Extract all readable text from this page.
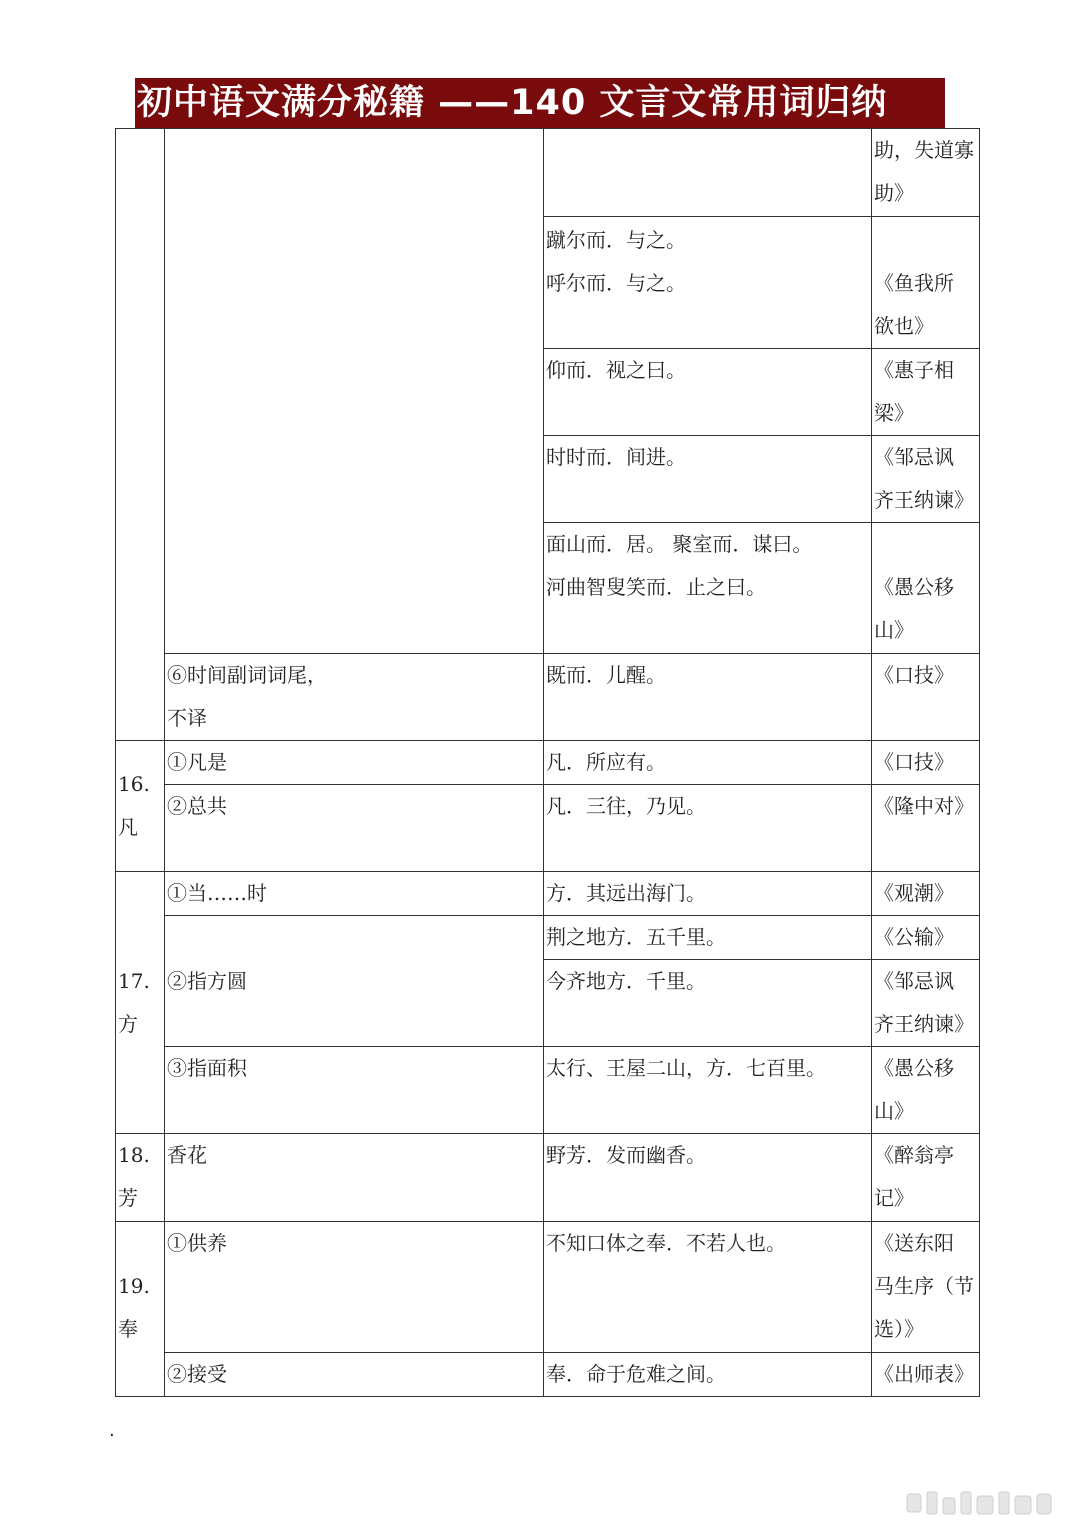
初中语文满分秘籍 ——140 文言文常用词归纳

			助，失道寡
助》

		蹴尔而．与之。
呼尔而．与之。	《鱼我所
欲也》

		仰而．视之曰。	《惠子相
梁》

		时时而．间进。	《邹忌讽
齐王纳谏》

		面山而．居。 聚室而．谋曰。
河曲智叟笑而．止之曰。	《愚公移
山》

	⑥时间副词词尾，
不译	既而．儿醒。	《口技》

16.
凡	①凡是	凡．所应有。	《口技》
	②总共	凡．三往，乃见。	《隆中对》

17.
方	①当……时	方．其远出海门。	《观潮》
	②指方圆	荆之地方．五千里。	《公输》
		今齐地方．千里。	《邹忌讽
齐王纳谏》

	③指面积	太行、王屋二山，方．七百里。	《愚公移
山》

18.
芳	香花	野芳．发而幽香。	《醉翁亭
记》

19.
奉	①供养	不知口体之奉．不若人也。	《送东阳
马生序（节
选）》

	②接受	奉．命于危难之间。	《出师表》
.
